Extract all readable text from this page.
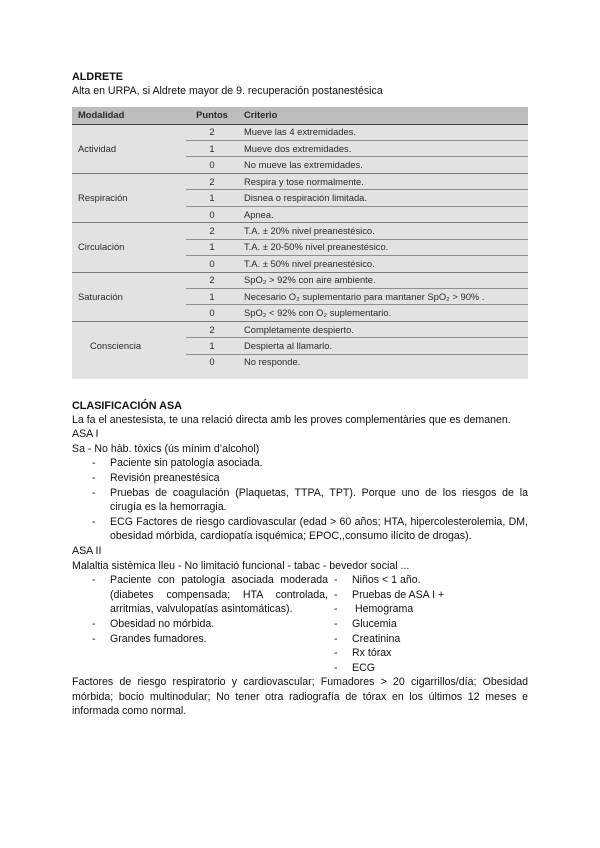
ALDRETE

Alta en URPA, si Aldrete mayor de 9. recuperación postanestésica

Modalidad	Puntos	Criterio
Actividad	2	Mueve las 4 extremidades.
	1	Mueve dos extremidades.
	0	No mueve las extremidades.
Respiración	2	Respira y tose normalmente.
	1	Disnea o respiración limitada.
	0	Apnea.
Circulación	2	T.A. ± 20% nivel preanestésico.
	1	T.A. ± 20-50% nivel preanestésico.
	0	T.A. ± 50% nivel preanestésico.
Saturación	2	SpO₂ > 92% con aire ambiente.
	1	Necesario O₂ suplementario para mantaner SpO₂ > 90% .
	0	SpO₂ < 92% con O₂ suplementario.
Consciencia	2	Completamente despierto.
	1	Despierta al llamarlo.
	0	No responde.
CLASIFICACIÓN ASA

La fa el anestesista, te una relació directa amb les proves complementàries que es demanen.

ASA I

Sa - No hàb. tòxics (ús mínim d’alcohol)

- Paciente sin patología asociada.
- Revisión preanestésica
- Pruebas de coagulación (Plaquetas, TTPA, TPT). Porque uno de los riesgos de la cirugía es la hemorragia.
- ECG Factores de riesgo cardiovascular (edad > 60 años; HTA, hipercolesterolemia, DM, obesidad mórbida, cardiopatía isquémica; EPOC,,consumo ilícito de drogas).

ASA II

Malaltia sistèmica lleu - No limitació funcional - tabac - bevedor social ...

- Paciente con patología asociada moderada (diabetes compensada; HTA controlada, arritmias, valvulopatías asintomáticas).
- Obesidad no mórbida.
- Grandes fumadores.
- Niños < 1 año.
- Pruebas de ASA I +
-  Hemograma
- Glucemia
- Creatinina
- Rx tórax
- ECG

Factores de riesgo respiratorio y cardiovascular; Fumadores > 20 cigarrillos/día; Obesidad mórbida; bocio multinodular; No tener otra radiografía de tórax en los últimos 12 meses e informada como normal.
